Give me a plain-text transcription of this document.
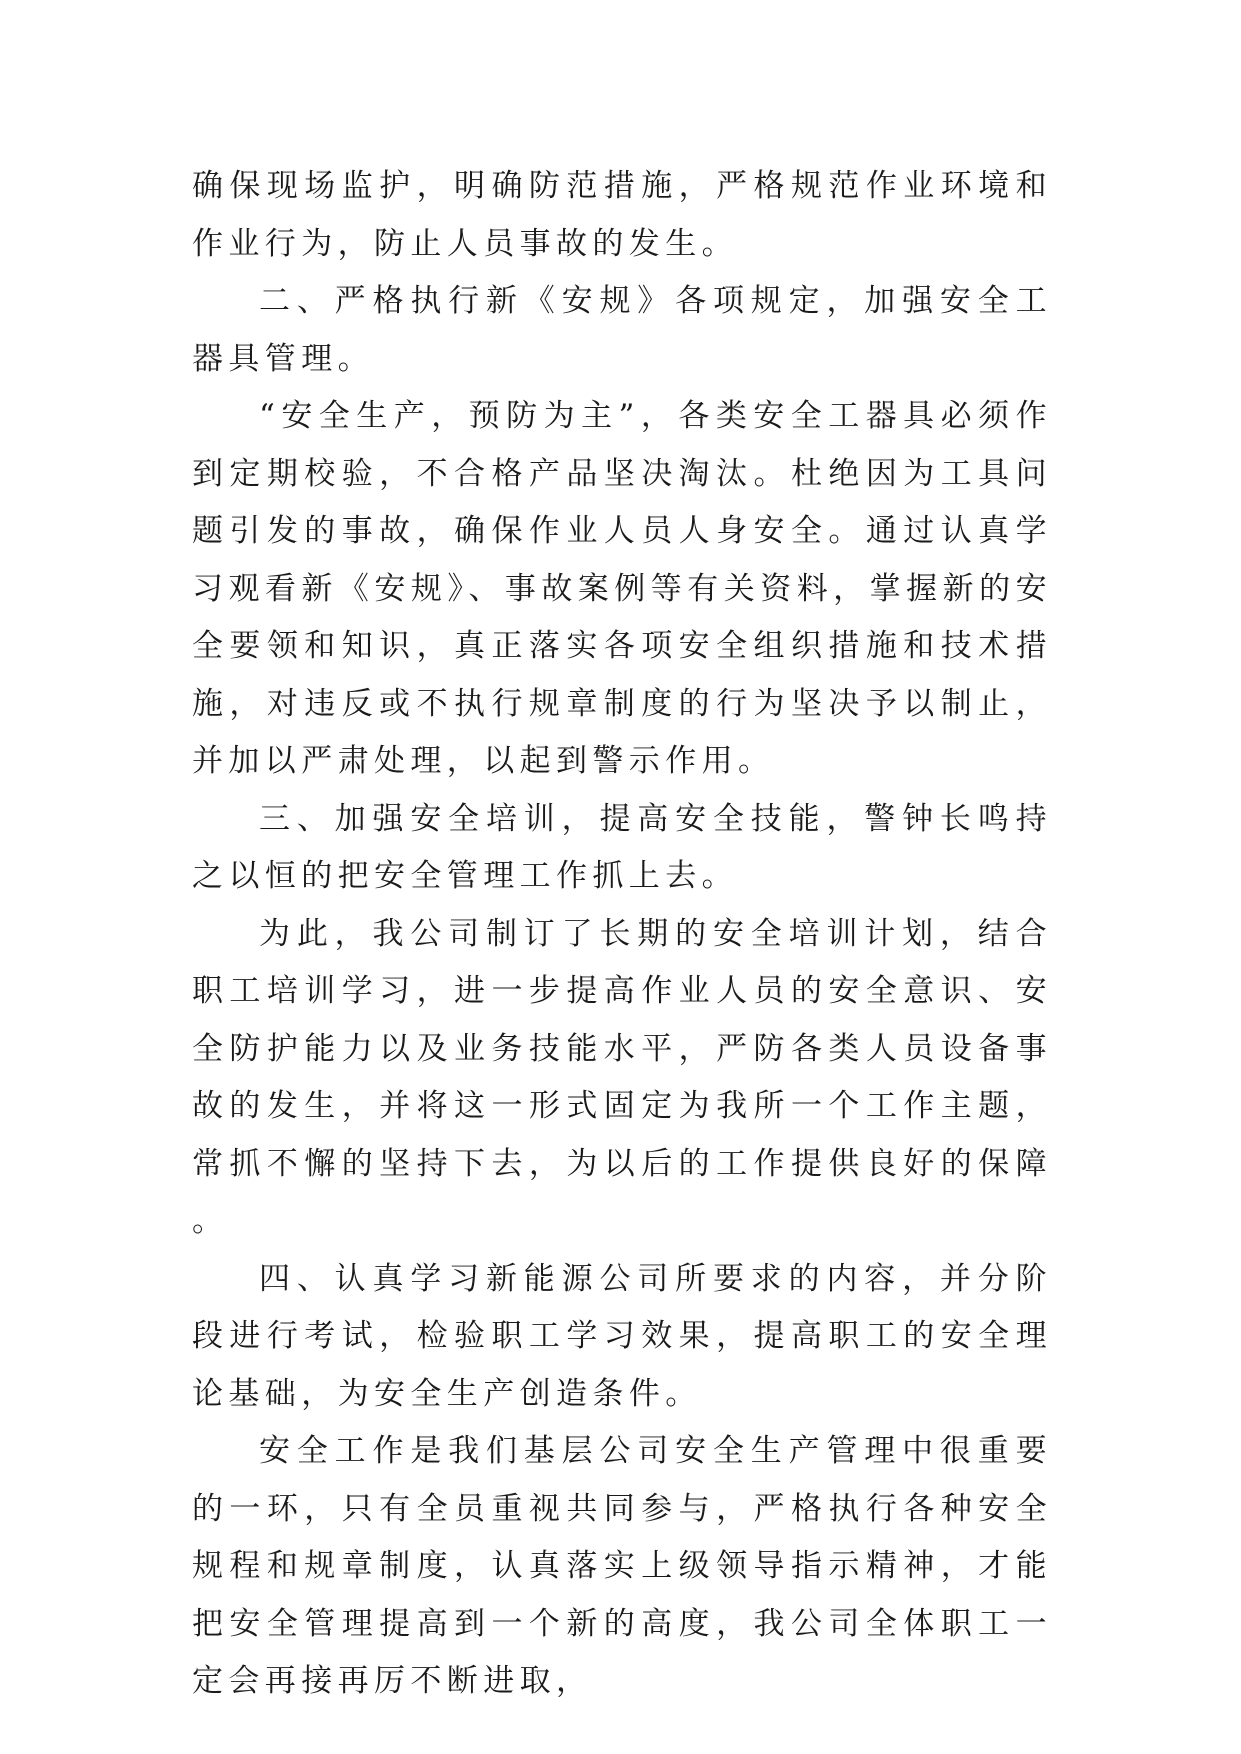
确保现场监护，明确防范措施，严格规范作业环境和作业行为，防止人员事故的发生。

二、严格执行新《安规》各项规定，加强安全工器具管理。

“安全生产，预防为主”，各类安全工器具必须作到定期校验，不合格产品坚决淘汰。杜绝因为工具问题引发的事故，确保作业人员人身安全。通过认真学习观看新《安规》、事故案例等有关资料，掌握新的安全要领和知识，真正落实各项安全组织措施和技术措施，对违反或不执行规章制度的行为坚决予以制止，并加以严肃处理，以起到警示作用。

三、加强安全培训，提高安全技能，警钟长鸣持之以恒的把安全管理工作抓上去。

为此，我公司制订了长期的安全培训计划，结合职工培训学习，进一步提高作业人员的安全意识、安全防护能力以及业务技能水平，严防各类人员设备事故的发生，并将这一形式固定为我所一个工作主题，常抓不懈的坚持下去，为以后的工作提供良好的保障。

四、认真学习新能源公司所要求的内容，并分阶段进行考试，检验职工学习效果，提高职工的安全理论基础，为安全生产创造条件。

安全工作是我们基层公司安全生产管理中很重要的一环，只有全员重视共同参与，严格执行各种安全规程和规章制度，认真落实上级领导指示精神，才能把安全管理提高到一个新的高度，我公司全体职工一定会再接再厉不断进取，
